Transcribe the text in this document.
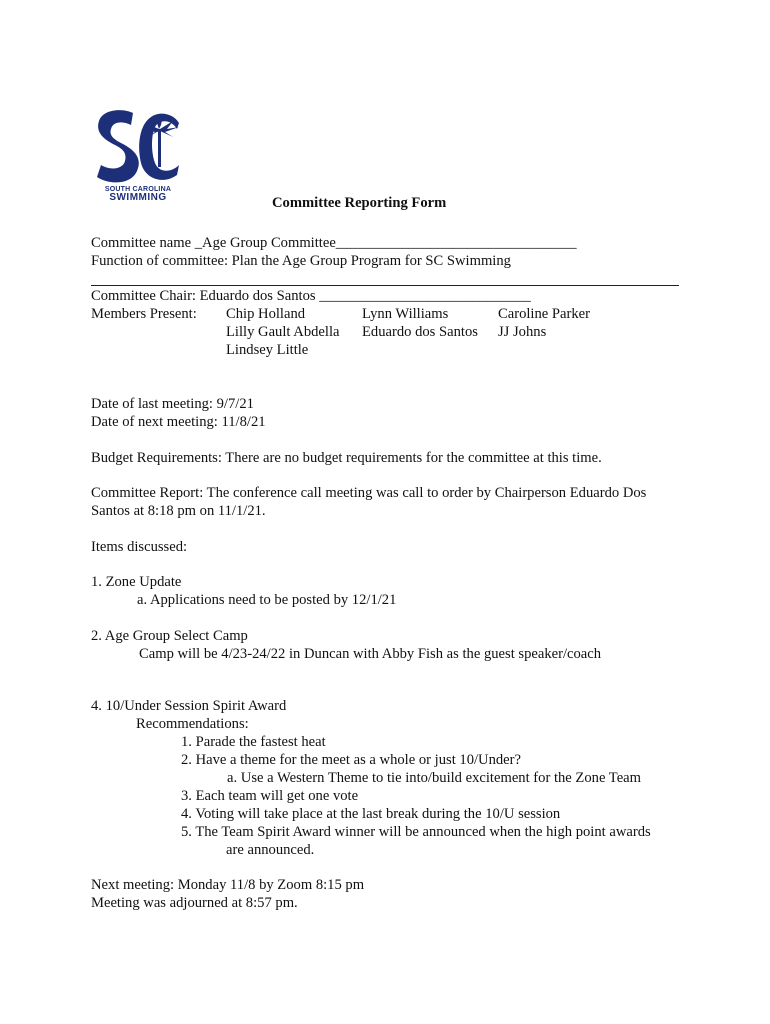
SOUTH CAROLINA
SWIMMING	Committee Reporting Form
Committee name _Age Group Committee_________________________________
Function of committee: Plan the Age Group Program for SC Swimming
Committee Chair: Eduardo dos Santos _____________________________
Members Present: Chip Holland
Lilly Gault Abdella
Lindsey Little
Lynn Williams
Eduardo dos Santos
Caroline Parker
JJ Johns
Date of last meeting: 9/7/21
Date of next meeting: 11/8/21
Budget Requirements: There are no budget requirements for the committee at this time.
Committee Report: The conference call meeting was call to order by Chairperson Eduardo Dos
Santos at 8:18 pm on 11/1/21.
Items discussed:
1. Zone Update
a. Applications need to be posted by 12/1/21
2. Age Group Select Camp
Camp will be 4/23-24/22 in Duncan with Abby Fish as the guest speaker/coach
4. 10/Under Session Spirit Award
Recommendations:
1. Parade the fastest heat
2. Have a theme for the meet as a whole or just 10/Under?
a. Use a Western Theme to tie into/build excitement for the Zone Team
3. Each team will get one vote
4. Voting will take place at the last break during the 10/U session
5. The Team Spirit Award winner will be announced when the high point awards
are announced.
Next meeting: Monday 11/8 by Zoom 8:15 pm
Meeting was adjourned at 8:57 pm.
